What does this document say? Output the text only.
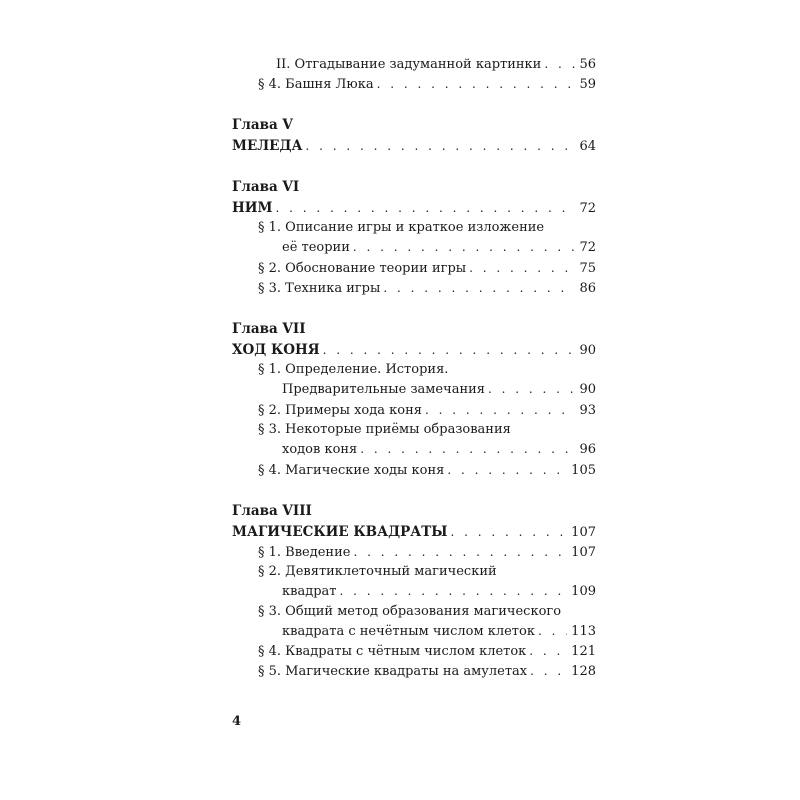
II. Отгадывание задуманной картинки . . .	56
§ 4. Башня Люка . . .	59
Глава V
МЕЛЕДА . . .	64
Глава VI
НИМ . . .	72
§ 1. Описание игры и краткое изложение
её теории . . .	72
§ 2. Обоснование теории игры . . .	75
§ 3. Техника игры . . .	86
Глава VII
ХОД КОНЯ . . .	90
§ 1. Определение. История.
Предварительные замечания . . .	90
§ 2. Примеры хода коня . . .	93
§ 3. Некоторые приёмы образования
ходов коня . . .	96
§ 4. Магические ходы коня . . .	105
Глава VIII
МАГИЧЕСКИЕ КВАДРАТЫ . . .	107
§ 1. Введение . . .	107
§ 2. Девятиклеточный магический
квадрат . . .	109
§ 3. Общий метод образования магического
квадрата с нечётным числом клеток . . .	113
§ 4. Квадраты с чётным числом клеток . . .	121
§ 5. Магические квадраты на амулетах . . .	128
4
